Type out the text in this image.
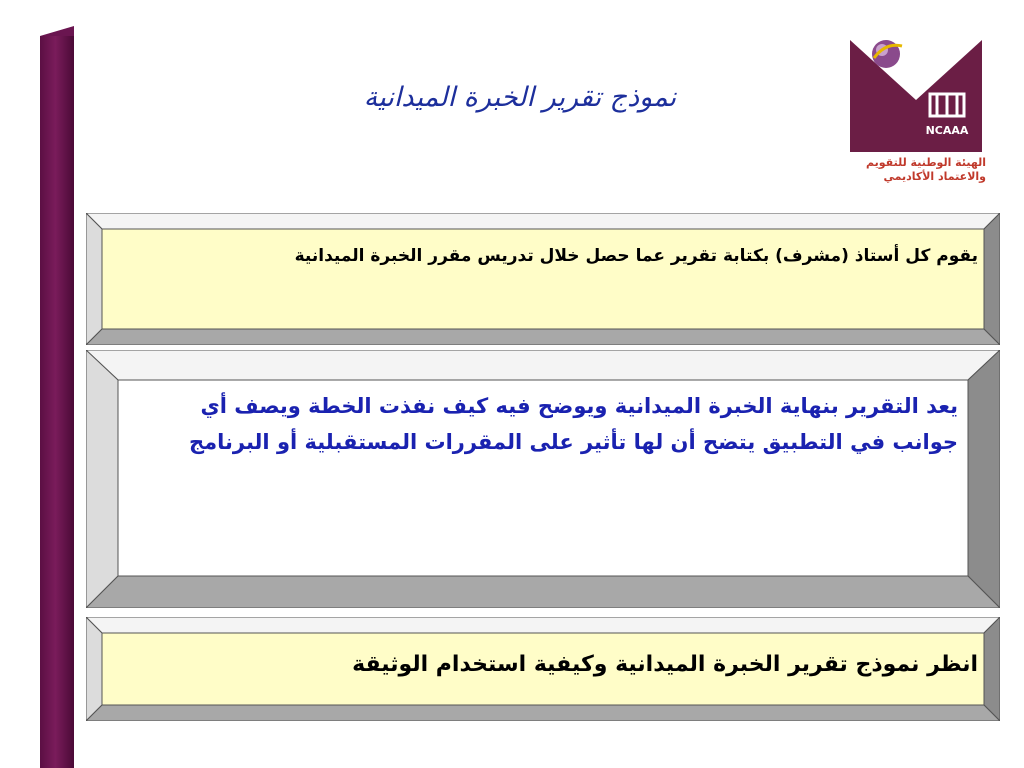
نموذج تقرير الخبرة الميدانية
NCAAA
الهيئة الوطنية للتقويم
والاعتماد الأكاديمي
يقوم كل أستاذ (مشرف) بكتابة تقرير عما حصل خلال تدريس مقرر الخبرة الميدانية
يعد التقرير بنهاية الخبرة الميدانية ويوضح فيه كيف نفذت الخطة ويصف أي جوانب في التطبيق يتضح أن لها تأثير على المقررات المستقبلية أو البرنامج
انظر نموذج تقرير الخبرة الميدانية وكيفية استخدام الوثيقة
